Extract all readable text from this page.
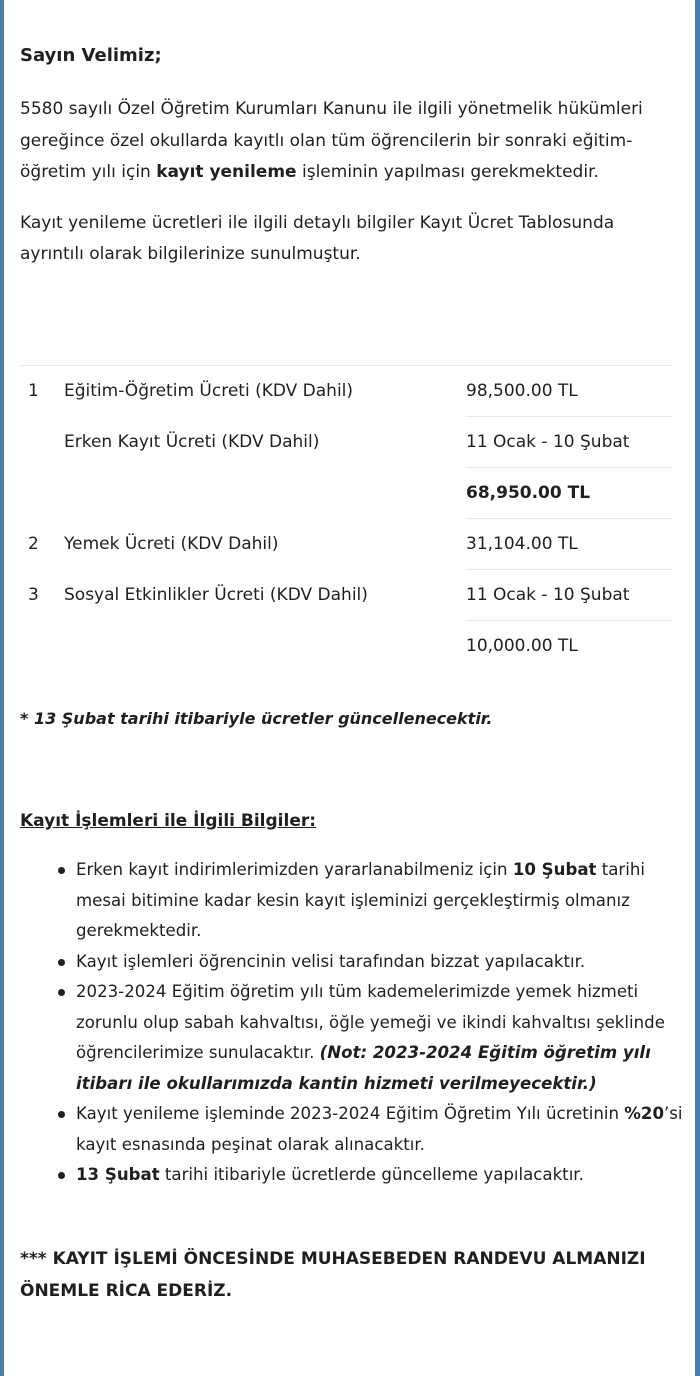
Sayın Velimiz;

5580 sayılı Özel Öğretim Kurumları Kanunu ile ilgili yönetmelik hükümleri gereğince özel okullarda kayıtlı olan tüm öğrencilerin bir sonraki eğitim-öğretim yılı için kayıt yenileme işleminin yapılması gerekmektedir.

Kayıt yenileme ücretleri ile ilgili detaylı bilgiler Kayıt Ücret Tablosunda ayrıntılı olarak bilgilerinize sunulmuştur.

1 Eğitim-Öğretim Ücreti (KDV Dahil)	98,500.00 TL
Erken Kayıt Ücreti (KDV Dahil)	11 Ocak - 10 Şubat
68,950.00 TL
2 Yemek Ücreti (KDV Dahil)	31,104.00 TL
3 Sosyal Etkinlikler Ücreti (KDV Dahil)	11 Ocak - 10 Şubat
10,000.00 TL
* 13 Şubat tarihi itibariyle ücretler güncellenecektir.
Kayıt İşlemleri ile İlgili Bilgiler:
Erken kayıt indirimlerimizden yararlanabilmeniz için 10 Şubat tarihi mesai bitimine kadar kesin kayıt işleminizi gerçekleştirmiş olmanız gerekmektedir.
Kayıt işlemleri öğrencinin velisi tarafından bizzat yapılacaktır.
2023-2024 Eğitim öğretim yılı tüm kademelerimizde yemek hizmeti zorunlu olup sabah kahvaltısı, öğle yemeği ve ikindi kahvaltısı şeklinde öğrencilerimize sunulacaktır. (Not: 2023-2024 Eğitim öğretim yılı itibarı ile okullarımızda kantin hizmeti verilmeyecektir.)
Kayıt yenileme işleminde 2023-2024 Eğitim Öğretim Yılı ücretinin %20’si kayıt esnasında peşinat olarak alınacaktır.
13 Şubat tarihi itibariyle ücretlerde güncelleme yapılacaktır.
*** KAYIT İŞLEMİ ÖNCESİNDE MUHASEBEDEN RANDEVU ALMANIZI ÖNEMLE RİCA EDERİZ.
